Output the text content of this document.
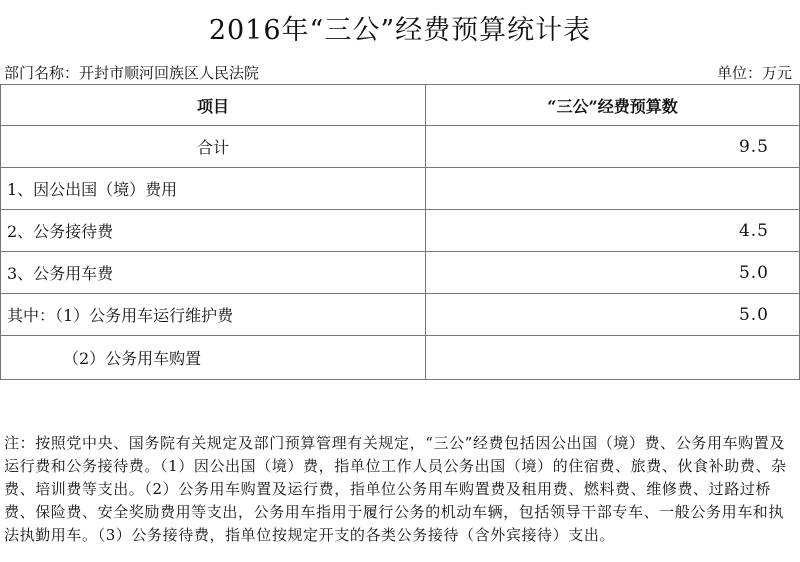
2016年“三公”经费预算统计表
部门名称：开封市顺河回族区人民法院	单位：万元
项目	“三公”经费预算数
合计	9.5
1、因公出国（境）费用	
2、公务接待费	4.5
3、公务用车费	5.0
其中：（1）公务用车运行维护费	5.0
（2）公务用车购置	
注：按照党中央、国务院有关规定及部门预算管理有关规定，“三公”经费包括因公出国（境）费、公务用车购置及运行费和公务接待费。（1）因公出国（境）费，指单位工作人员公务出国（境）的住宿费、旅费、伙食补助费、杂费、培训费等支出。（2）公务用车购置及运行费，指单位公务用车购置费及租用费、燃料费、维修费、过路过桥费、保险费、安全奖励费用等支出，公务用车指用于履行公务的机动车辆，包括领导干部专车、一般公务用车和执法执勤用车。（3）公务接待费，指单位按规定开支的各类公务接待（含外宾接待）支出。
